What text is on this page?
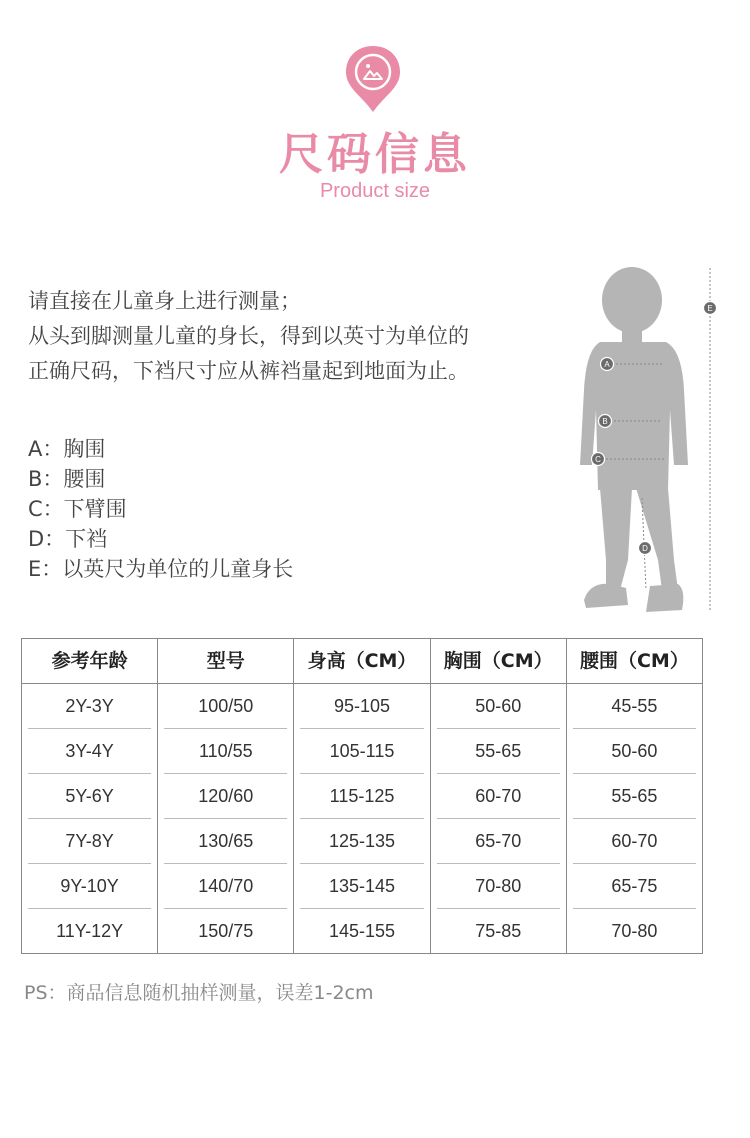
尺码信息
Product size
请直接在儿童身上进行测量；
从头到脚测量儿童的身长，得到以英寸为单位的
正确尺码，下裆尺寸应从裤裆量起到地面为止。
A：胸围
B：腰围
C：下臂围
D：下裆
E：以英尺为单位的儿童身长
A
B
C
D
E
参考年龄
2Y-3Y
3Y-4Y
5Y-6Y
7Y-8Y
9Y-10Y
11Y-12Y
型号
100/50
110/55
120/60
130/65
140/70
150/75
身高（CM）
95-105
105-115
115-125
125-135
135-145
145-155
胸围（CM）
50-60
55-65
60-70
65-70
70-80
75-85
腰围（CM）
45-55
50-60
55-65
60-70
65-75
70-80
PS：商品信息随机抽样测量，误差1-2cm
